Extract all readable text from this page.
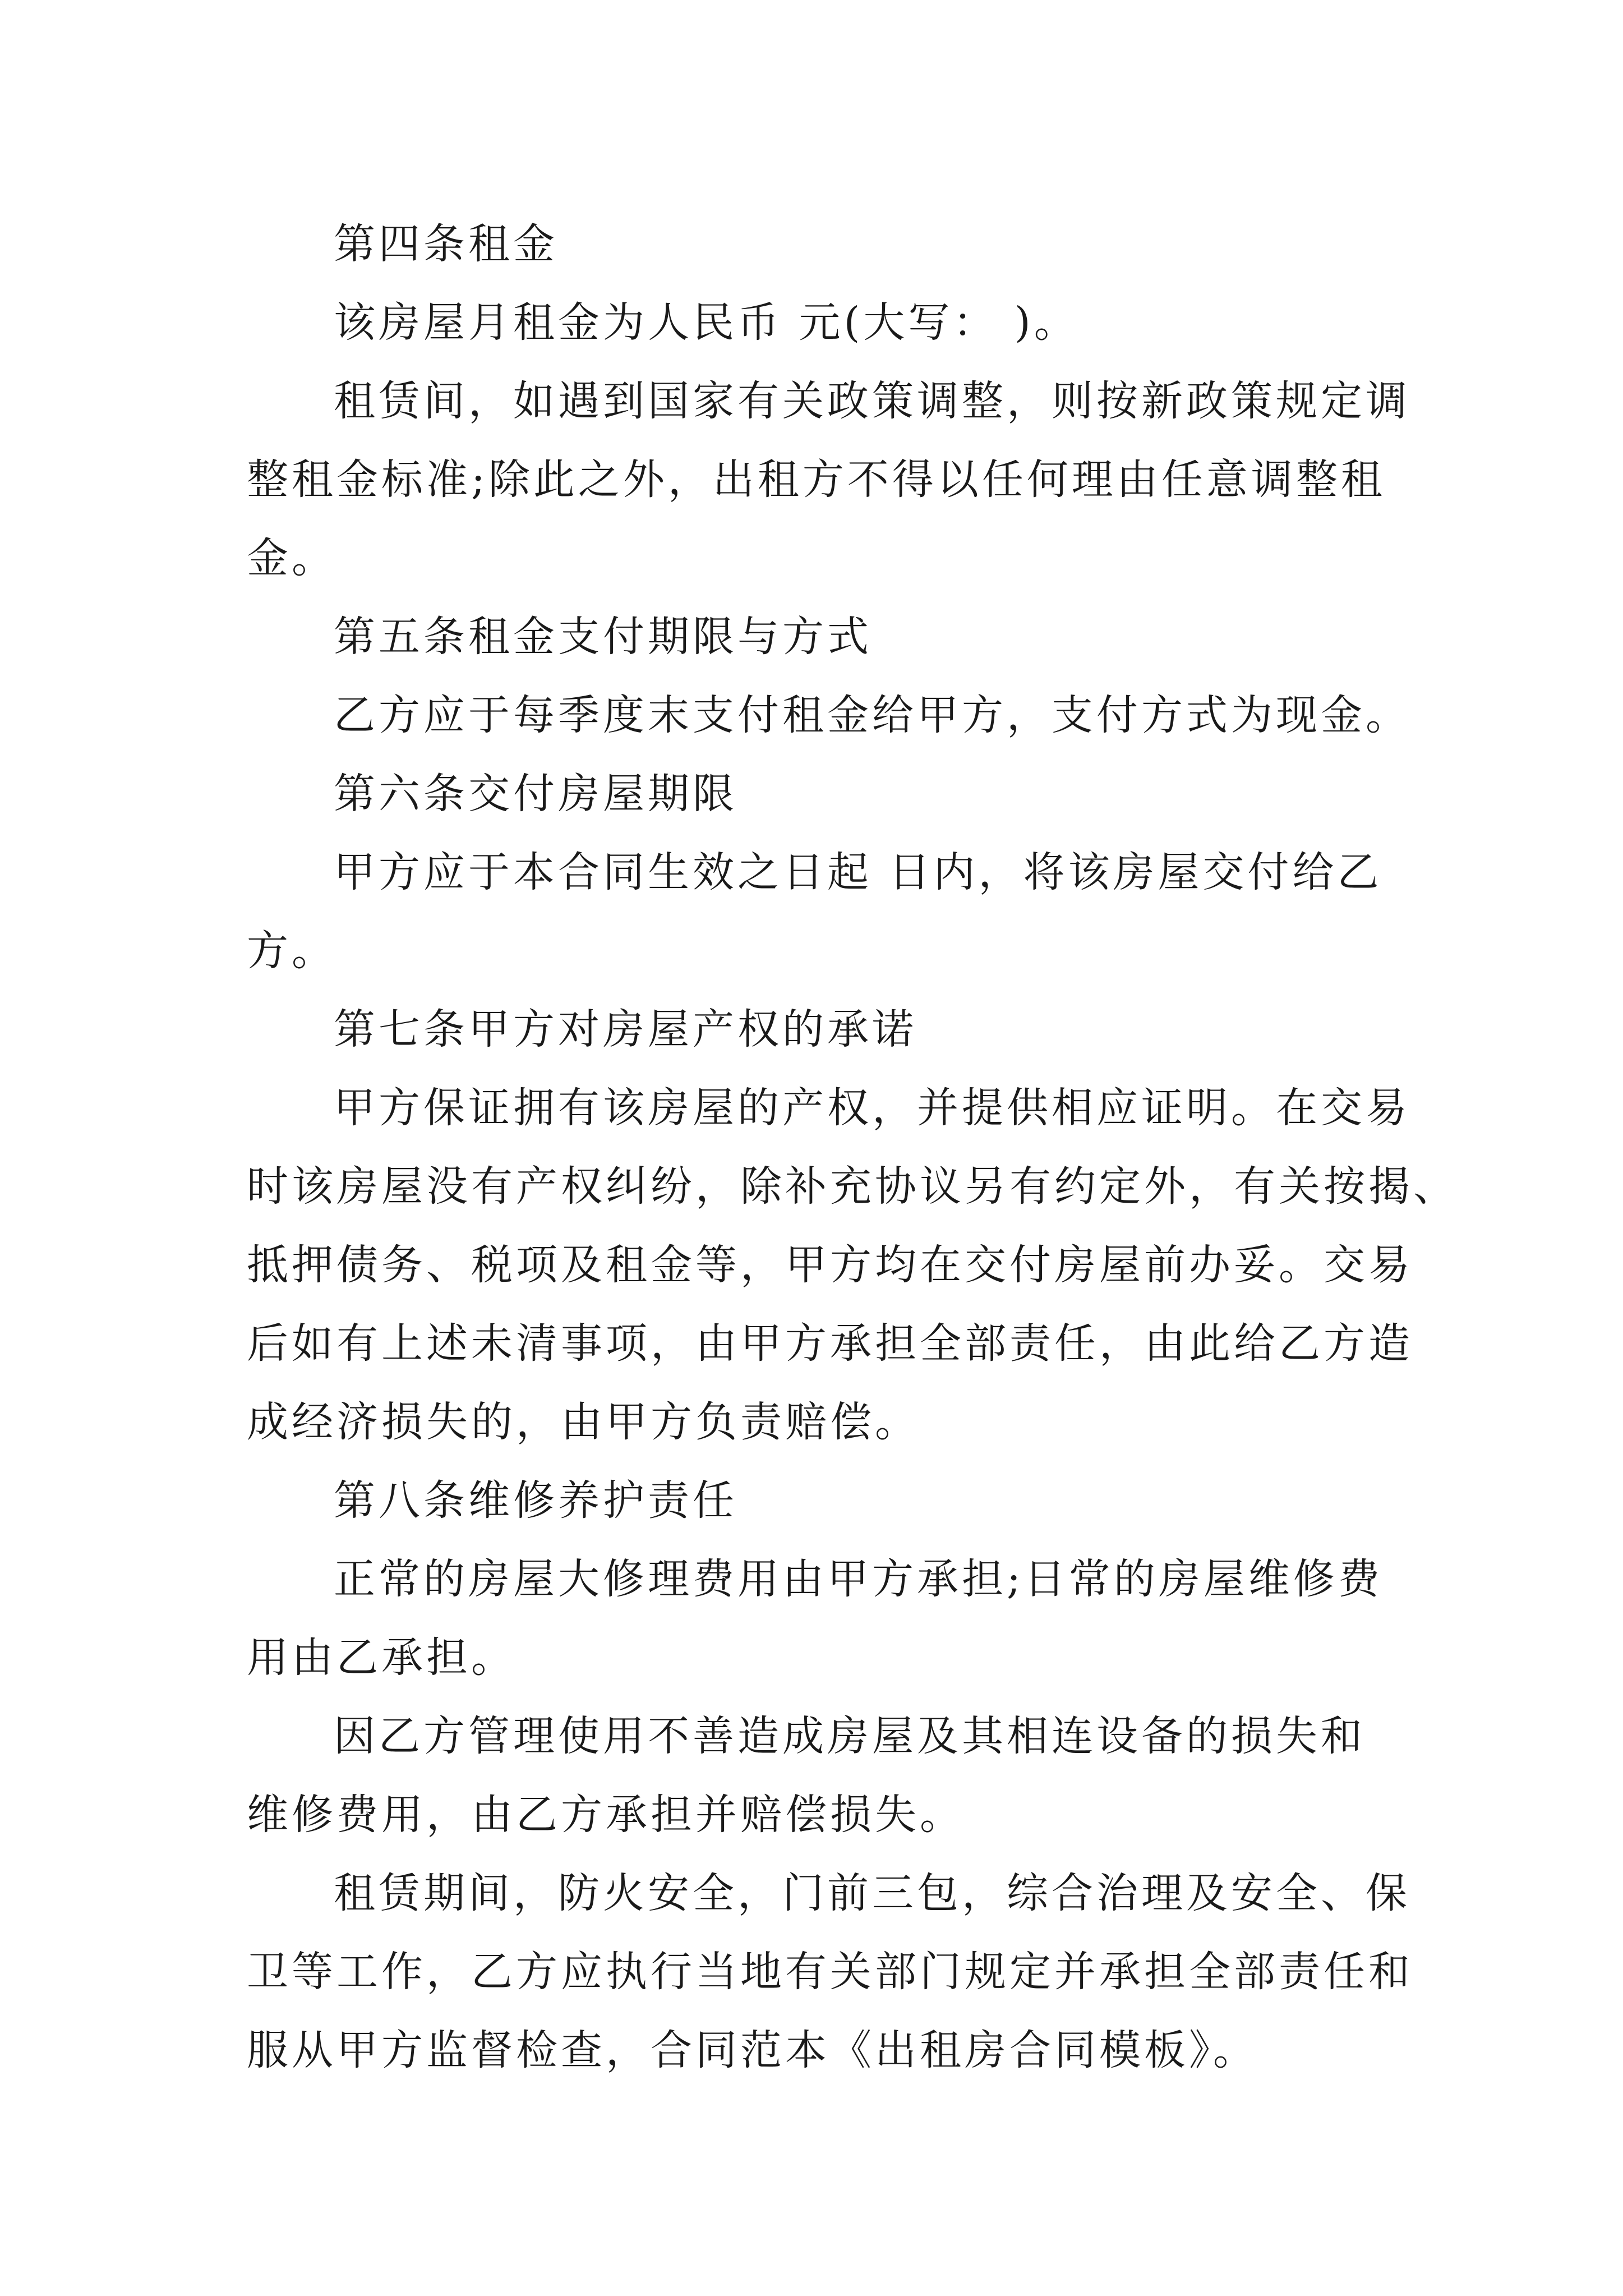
第四条租金
该房屋月租金为人民币 元(大写： )。
租赁间，如遇到国家有关政策调整，则按新政策规定调
整租金标准;除此之外，出租方不得以任何理由任意调整租
金。
第五条租金支付期限与方式
乙方应于每季度末支付租金给甲方，支付方式为现金。
第六条交付房屋期限
甲方应于本合同生效之日起 日内，将该房屋交付给乙
方。
第七条甲方对房屋产权的承诺
甲方保证拥有该房屋的产权，并提供相应证明。在交易
时该房屋没有产权纠纷，除补充协议另有约定外，有关按揭、
抵押债务、税项及租金等，甲方均在交付房屋前办妥。交易
后如有上述未清事项，由甲方承担全部责任，由此给乙方造
成经济损失的，由甲方负责赔偿。
第八条维修养护责任
正常的房屋大修理费用由甲方承担;日常的房屋维修费
用由乙承担。
因乙方管理使用不善造成房屋及其相连设备的损失和
维修费用，由乙方承担并赔偿损失。
租赁期间，防火安全，门前三包，综合治理及安全、保
卫等工作，乙方应执行当地有关部门规定并承担全部责任和
服从甲方监督检查，合同范本《出租房合同模板》。
